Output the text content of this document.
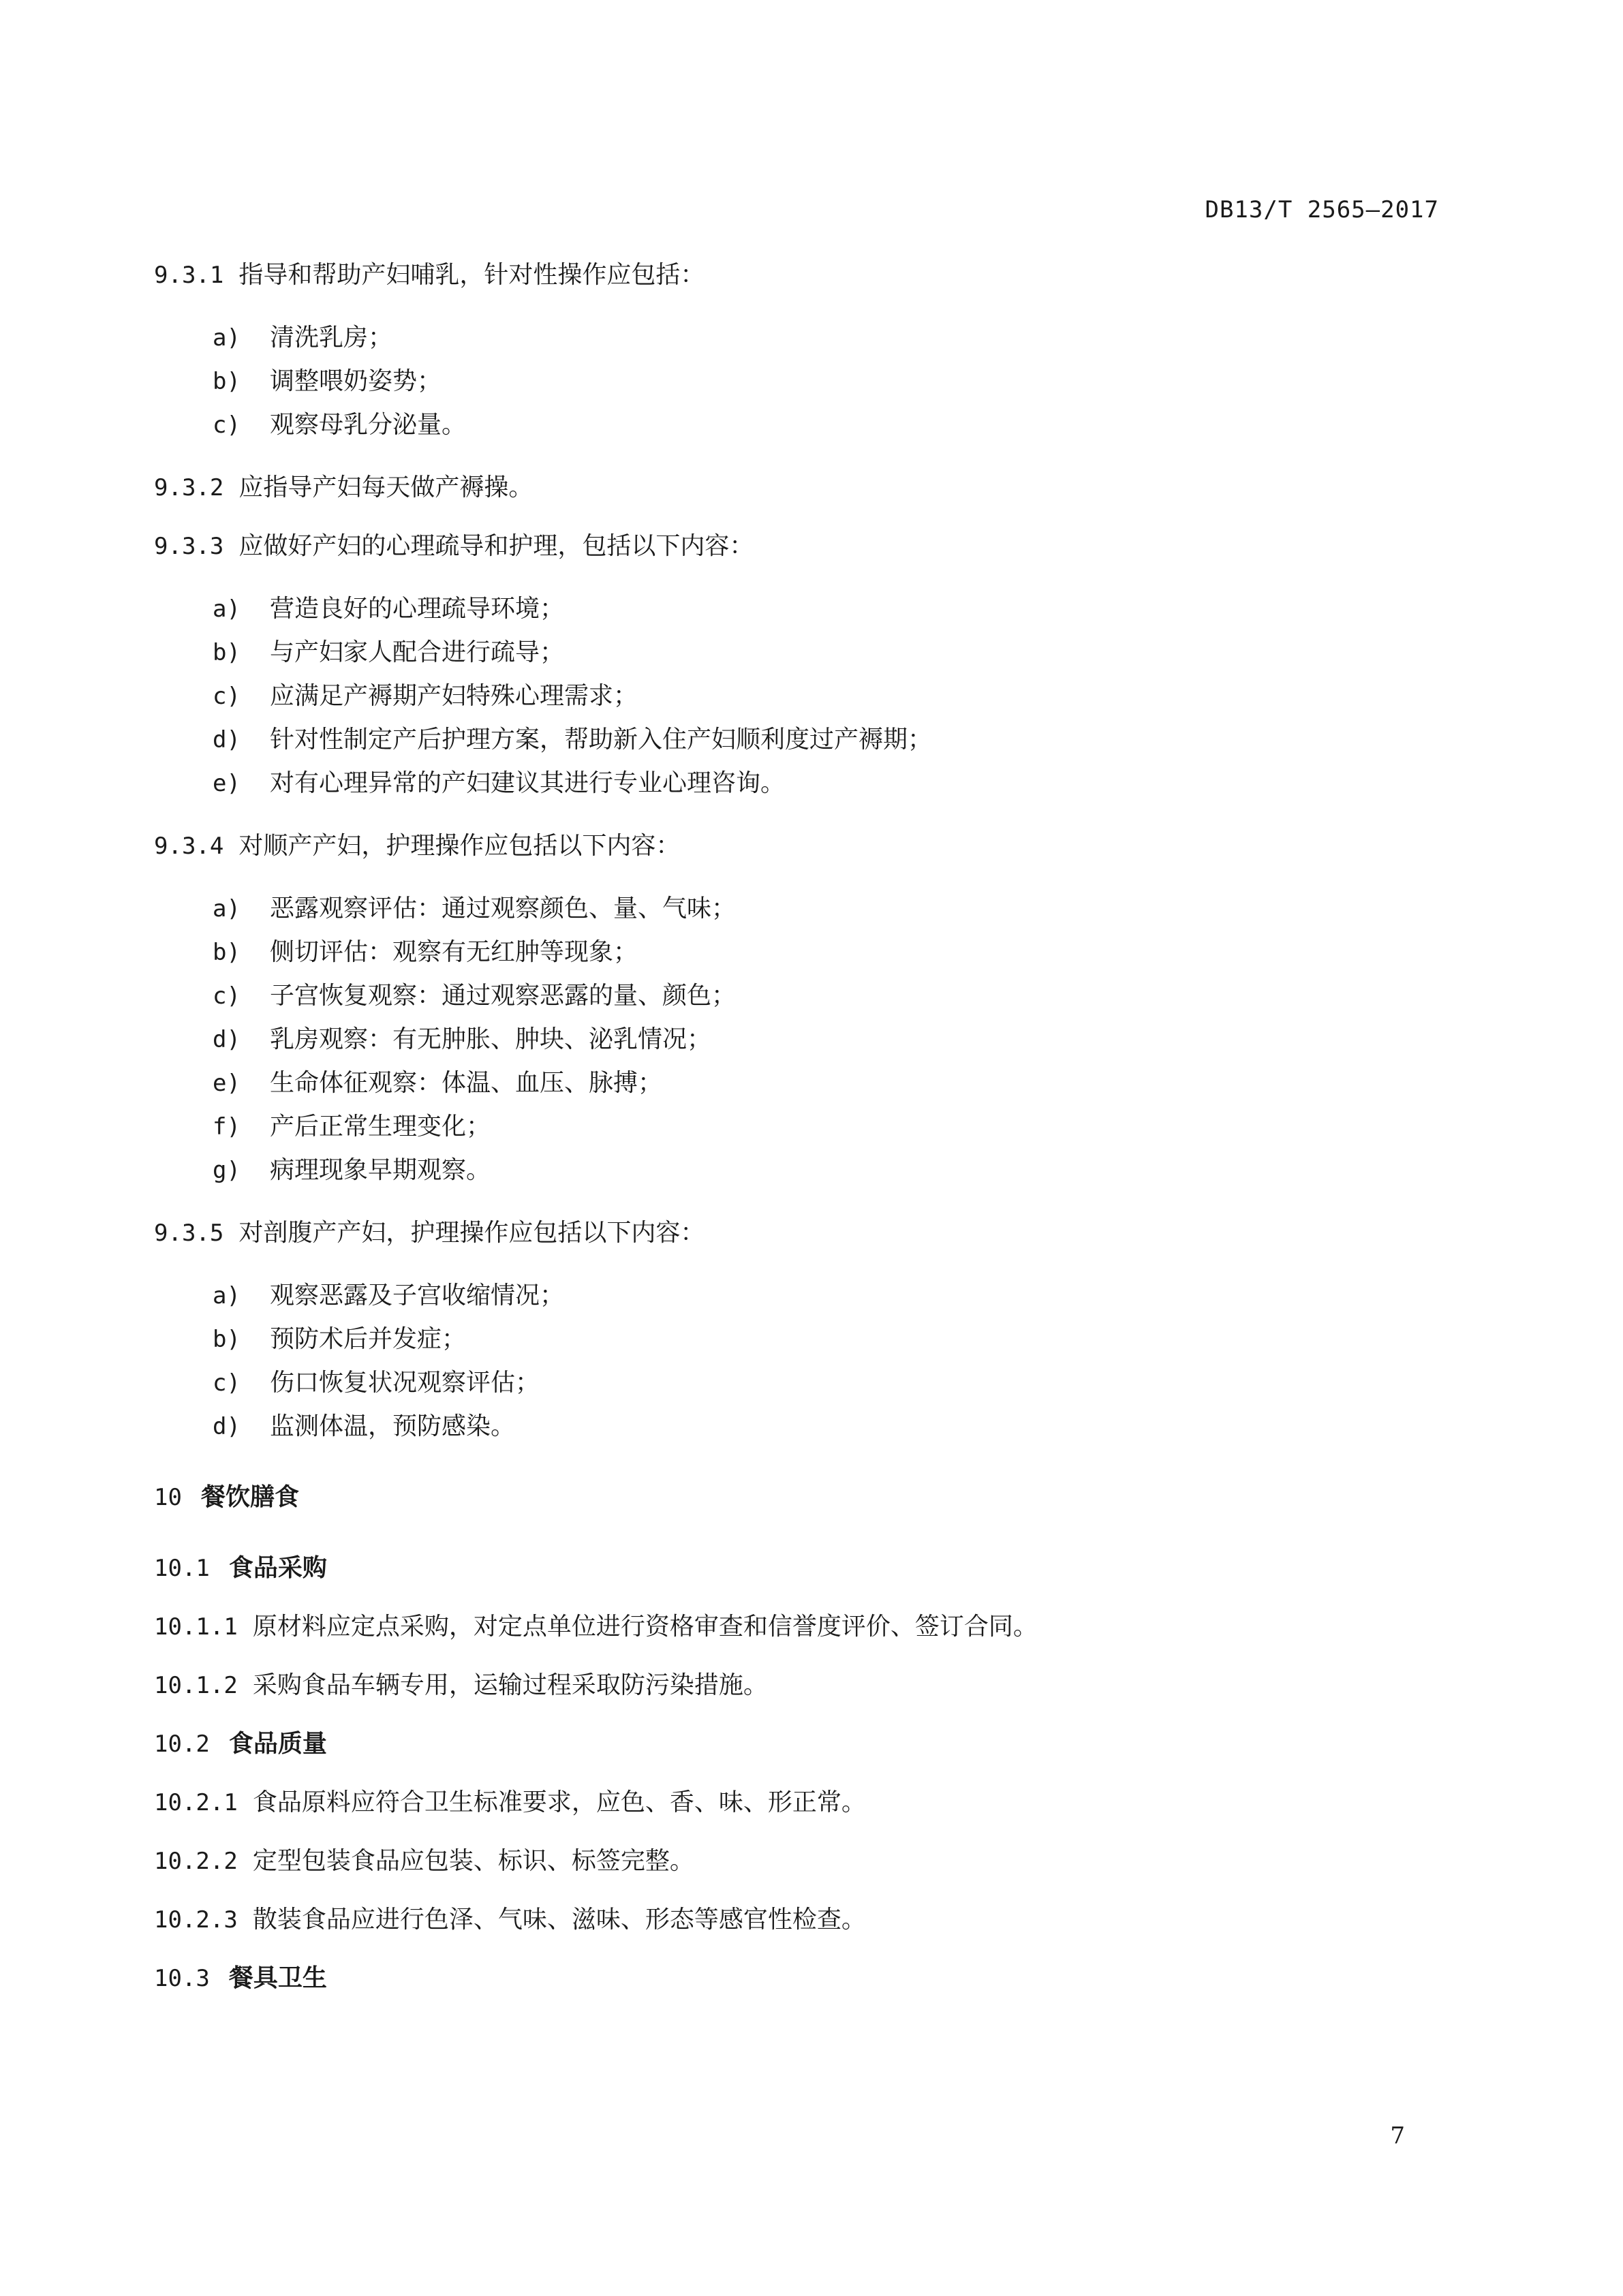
DB13/T 2565—2017

9.3.1 指导和帮助产妇哺乳，针对性操作应包括：

a) 清洗乳房；
b) 调整喂奶姿势；
c) 观察母乳分泌量。

9.3.2 应指导产妇每天做产褥操。

9.3.3 应做好产妇的心理疏导和护理，包括以下内容：

a) 营造良好的心理疏导环境；
b) 与产妇家人配合进行疏导；
c) 应满足产褥期产妇特殊心理需求；
d) 针对性制定产后护理方案，帮助新入住产妇顺利度过产褥期；
e) 对有心理异常的产妇建议其进行专业心理咨询。

9.3.4 对顺产产妇，护理操作应包括以下内容：

a) 恶露观察评估：通过观察颜色、量、气味；
b) 侧切评估：观察有无红肿等现象；
c) 子宫恢复观察：通过观察恶露的量、颜色；
d) 乳房观察：有无肿胀、肿块、泌乳情况；
e) 生命体征观察：体温、血压、脉搏；
f) 产后正常生理变化；
g) 病理现象早期观察。

9.3.5 对剖腹产产妇，护理操作应包括以下内容：

a) 观察恶露及子宫收缩情况；
b) 预防术后并发症；
c) 伤口恢复状况观察评估；
d) 监测体温，预防感染。
10 餐饮膳食
10.1 食品采购

10.1.1 原材料应定点采购，对定点单位进行资格审查和信誉度评价、签订合同。

10.1.2 采购食品车辆专用，运输过程采取防污染措施。

10.2 食品质量

10.2.1 食品原料应符合卫生标准要求，应色、香、味、形正常。

10.2.2 定型包装食品应包装、标识、标签完整。

10.2.3 散装食品应进行色泽、气味、滋味、形态等感官性检查。

10.3 餐具卫生
7
